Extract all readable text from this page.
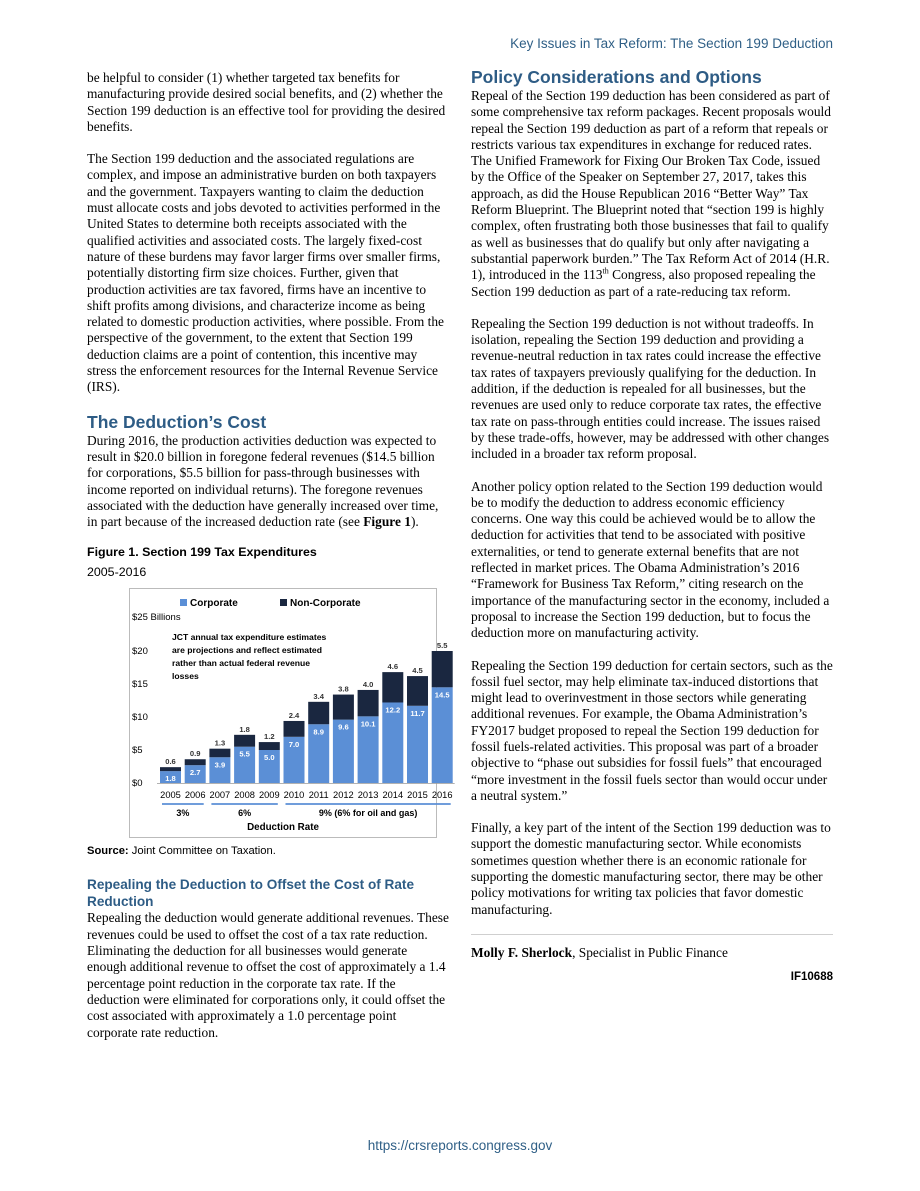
Key Issues in Tax Reform: The Section 199 Deduction

be helpful to consider (1) whether targeted tax benefits for manufacturing provide desired social benefits, and (2) whether the Section 199 deduction is an effective tool for providing the desired benefits.

The Section 199 deduction and the associated regulations are complex, and impose an administrative burden on both taxpayers and the government. Taxpayers wanting to claim the deduction must allocate costs and jobs devoted to activities performed in the United States to determine both receipts associated with the qualified activities and associated costs. The largely fixed-cost nature of these burdens may favor larger firms over smaller firms, potentially distorting firm size choices. Further, given that production activities are tax favored, firms have an incentive to shift profits among divisions, and characterize income as being related to domestic production activities, where possible. From the perspective of the government, to the extent that Section 199 deduction claims are a point of contention, this incentive may stress the enforcement resources for the Internal Revenue Service (IRS).

The Deduction’s Cost

During 2016, the production activities deduction was expected to result in $20.0 billion in foregone federal revenues ($14.5 billion for corporations, $5.5 billion for pass-through businesses with income reported on individual returns). The foregone revenues associated with the deduction have generally increased over time, in part because of the increased deduction rate (see Figure 1).

Figure 1. Section 199 Tax Expenditures
2005-2016
Corporate	Non-Corporate
$25 Billions
$0
$5
$10
$15
$20
JCT annual tax expenditure estimates
are projections and reflect estimated
rather than actual federal revenue
losses
1.8
0.6
2005
2.7
0.9
2006
3.9
1.3
2007
5.5
1.8
2008
5.0
1.2
2009
7.0
2.4
2010
8.9
3.4
2011
9.6
3.8
2012
10.1
4.0
2013
12.2
4.6
2014
11.7
4.5
2015
14.5
5.5
2016
3%	6%	9% (6% for oil and gas)
Deduction Rate
Source: Joint Committee on Taxation.
Repealing the Deduction to Offset the Cost of Rate Reduction

Repealing the deduction would generate additional revenues. These revenues could be used to offset the cost of a tax rate reduction. Eliminating the deduction for all businesses would generate enough additional revenue to offset the cost of approximately a 1.4 percentage point reduction in the corporate tax rate. If the deduction were eliminated for corporations only, it could offset the cost associated with approximately a 1.0 percentage point corporate rate reduction.

Policy Considerations and Options

Repeal of the Section 199 deduction has been considered as part of some comprehensive tax reform packages. Recent proposals would repeal the Section 199 deduction as part of a reform that repeals or restricts various tax expenditures in exchange for reduced rates. The Unified Framework for Fixing Our Broken Tax Code, issued by the Office of the Speaker on September 27, 2017, takes this approach, as did the House Republican 2016 “Better Way” Tax Reform Blueprint. The Blueprint noted that “section 199 is highly complex, often frustrating both those businesses that fail to qualify as well as businesses that do qualify but only after navigating a substantial paperwork burden.” The Tax Reform Act of 2014 (H.R. 1), introduced in the 113th Congress, also proposed repealing the Section 199 deduction as part of a rate-reducing tax reform.

Repealing the Section 199 deduction is not without tradeoffs. In isolation, repealing the Section 199 deduction and providing a revenue-neutral reduction in tax rates could increase the effective tax rates of taxpayers previously qualifying for the deduction. In addition, if the deduction is repealed for all businesses, but the revenues are used only to reduce corporate tax rates, the effective tax rate on pass-through entities could increase. The issues raised by these trade-offs, however, may be addressed with other changes included in a broader tax reform proposal.

Another policy option related to the Section 199 deduction would be to modify the deduction to address economic efficiency concerns. One way this could be achieved would be to allow the deduction for activities that tend to be associated with positive externalities, or tend to generate external benefits that are not reflected in market prices. The Obama Administration’s 2016 “Framework for Business Tax Reform,” citing research on the importance of the manufacturing sector in the economy, included a proposal to increase the Section 199 deduction, but to focus the deduction more on manufacturing activity.

Repealing the Section 199 deduction for certain sectors, such as the fossil fuel sector, may help eliminate tax-induced distortions that might lead to overinvestment in those sectors while generating additional revenues. For example, the Obama Administration’s FY2017 budget proposed to repeal the Section 199 deduction for fossil fuels-related activities. This proposal was part of a broader objective to “phase out subsidies for fossil fuels” that encouraged “more investment in the fossil fuels sector than would occur under a neutral system.”

Finally, a key part of the intent of the Section 199 deduction was to support the domestic manufacturing sector. While economists sometimes question whether there is an economic rationale for supporting the domestic manufacturing sector, there may be other policy motivations for writing tax policies that favor domestic manufacturing.

Molly F. Sherlock, Specialist in Public Finance
IF10688
https://crsreports.congress.gov
